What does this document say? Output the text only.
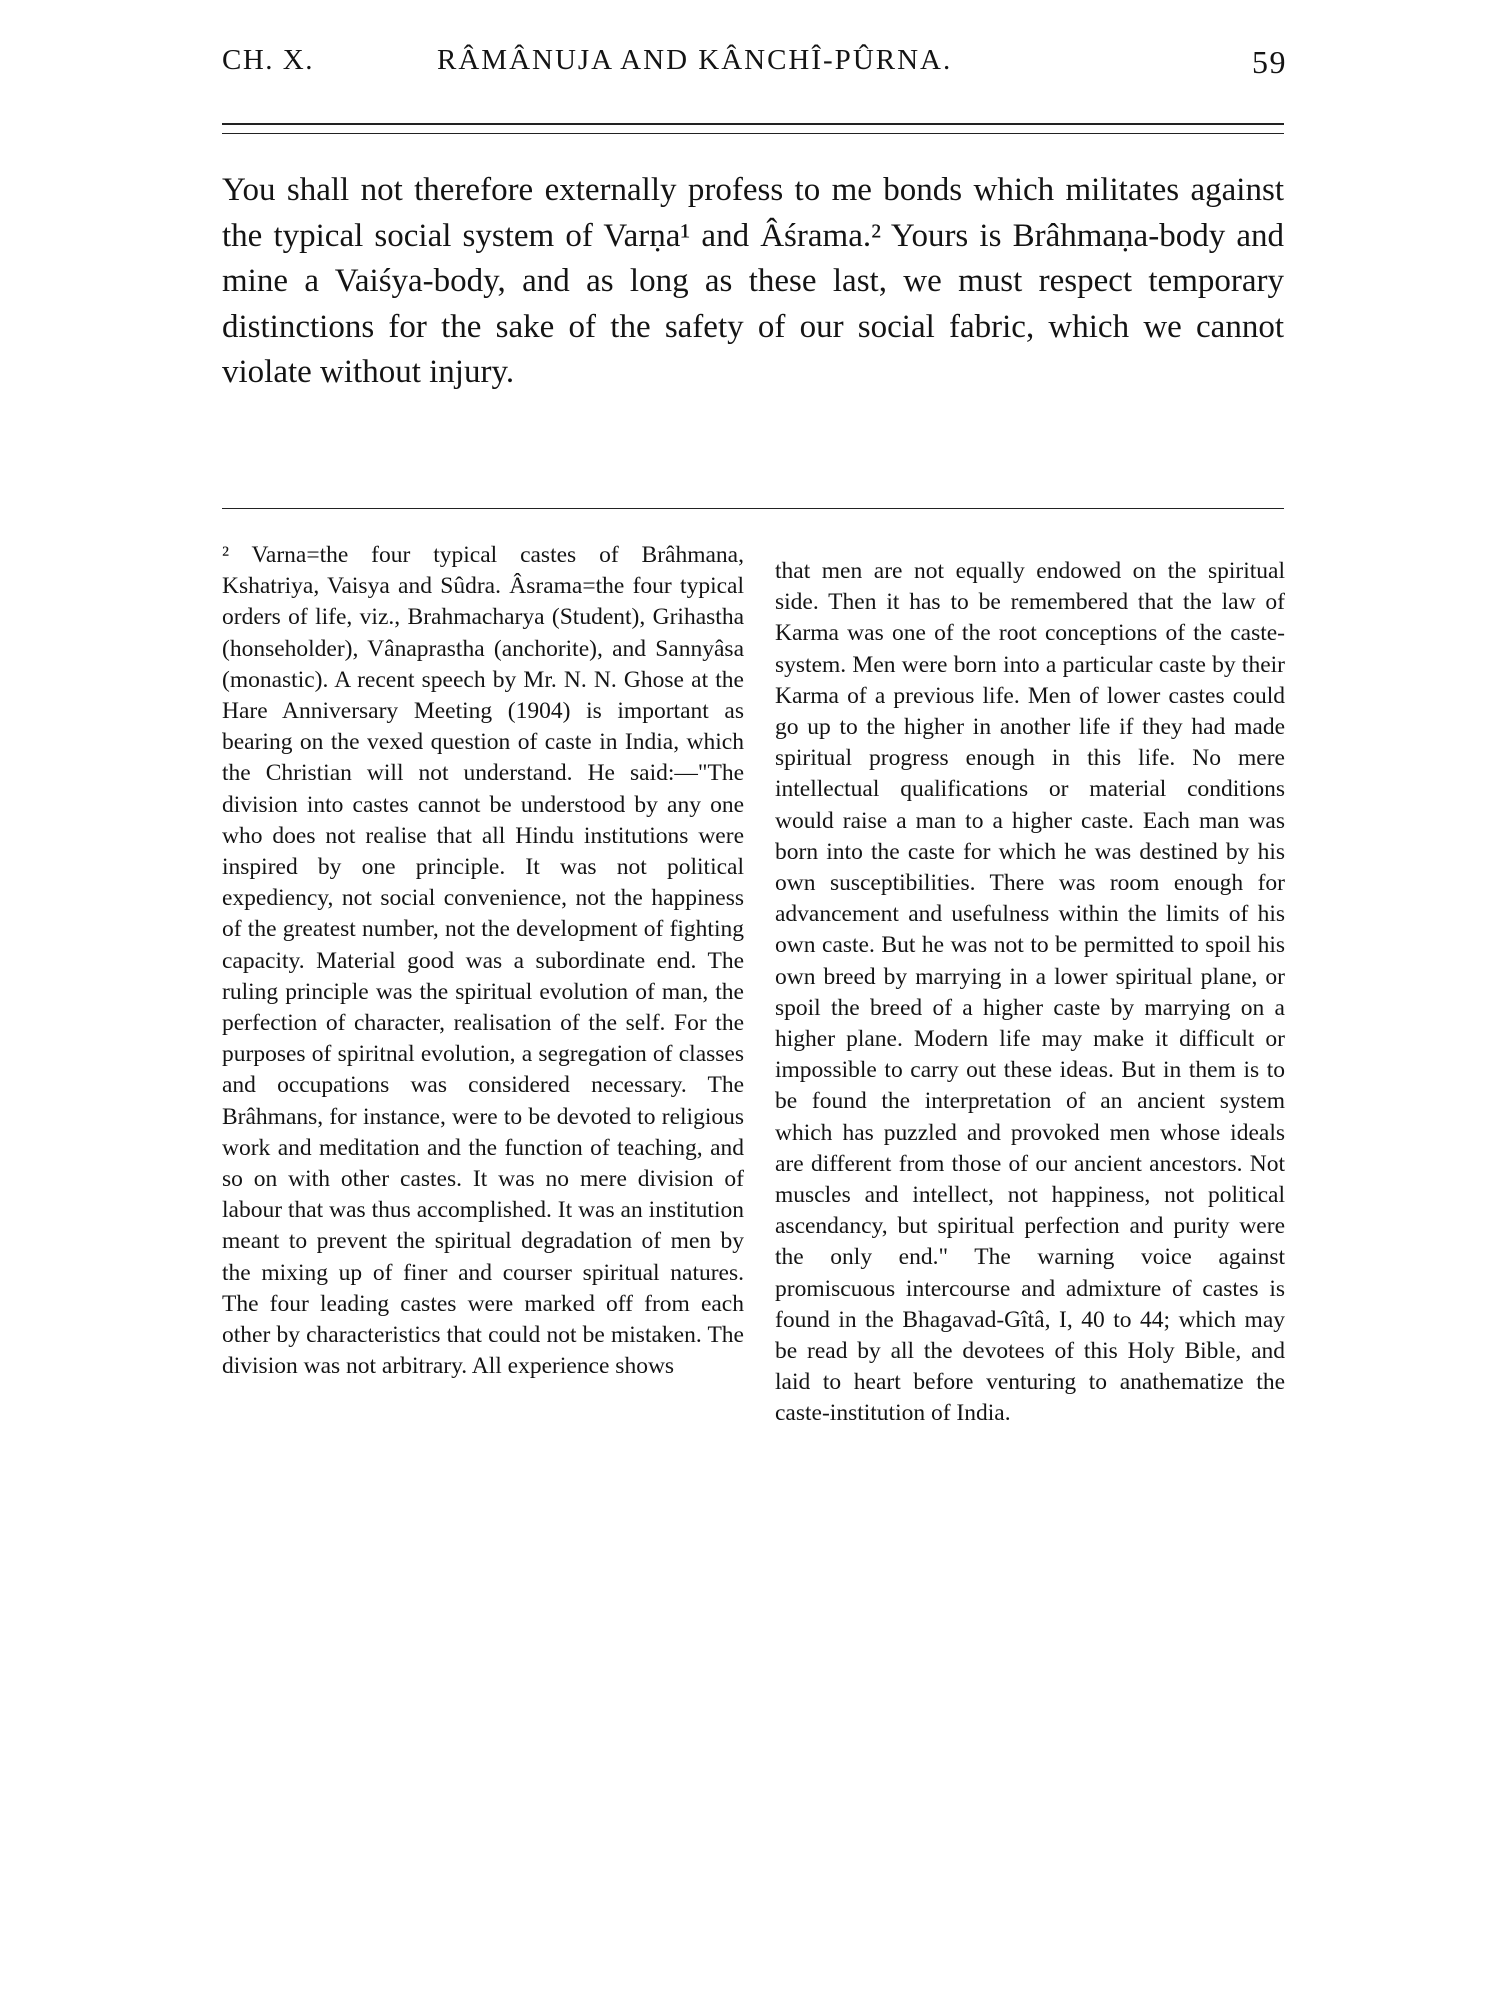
CH. X.	RÂMÂNUJA AND KÂNCHÎ-PÛRNA.	59

You shall not therefore externally profess to me bonds which militates against the typical social system of Varṇa¹ and Âśrama.² Yours is Brâhmaṇa-body and mine a Vaiśya-body, and as long as these last, we must respect temporary distinctions for the sake of the safety of our social fabric, which we cannot violate without injury.

² Varna=the four typical castes of Brâhmana, Kshatriya, Vaisya and Sûdra. Âsrama=the four typical orders of life, viz., Brahmacharya (Student), Grihastha (honseholder), Vânaprastha (anchorite), and Sannyâsa (monastic). A recent speech by Mr. N. N. Ghose at the Hare Anniversary Meeting (1904) is important as bearing on the vexed question of caste in India, which the Christian will not understand. He said:—"The division into castes cannot be understood by any one who does not realise that all Hindu institutions were inspired by one principle. It was not political expediency, not social convenience, not the happiness of the greatest number, not the development of fighting capacity. Material good was a subordinate end. The ruling principle was the spiritual evolution of man, the perfection of character, realisation of the self. For the purposes of spiritnal evolution, a segregation of classes and occupations was considered necessary. The Brâhmans, for instance, were to be devoted to religious work and meditation and the function of teaching, and so on with other castes. It was no mere division of labour that was thus accomplished. It was an institution meant to prevent the spiritual degradation of men by the mixing up of finer and courser spiritual natures. The four leading castes were marked off from each other by characteristics that could not be mistaken. The division was not arbitrary. All experience shows

that men are not equally endowed on the spiritual side. Then it has to be remembered that the law of Karma was one of the root conceptions of the caste-system. Men were born into a particular caste by their Karma of a previous life. Men of lower castes could go up to the higher in another life if they had made spiritual progress enough in this life. No mere intellectual qualifications or material conditions would raise a man to a higher caste. Each man was born into the caste for which he was destined by his own susceptibilities. There was room enough for advancement and usefulness within the limits of his own caste. But he was not to be permitted to spoil his own breed by marrying in a lower spiritual plane, or spoil the breed of a higher caste by marrying on a higher plane. Modern life may make it difficult or impossible to carry out these ideas. But in them is to be found the interpretation of an ancient system which has puzzled and provoked men whose ideals are different from those of our ancient ancestors. Not muscles and intellect, not happiness, not political ascendancy, but spiritual perfection and purity were the only end." The warning voice against promiscuous intercourse and admixture of castes is found in the Bhagavad-Gîtâ, I, 40 to 44; which may be read by all the devotees of this Holy Bible, and laid to heart before venturing to anathematize the caste-institution of India.
